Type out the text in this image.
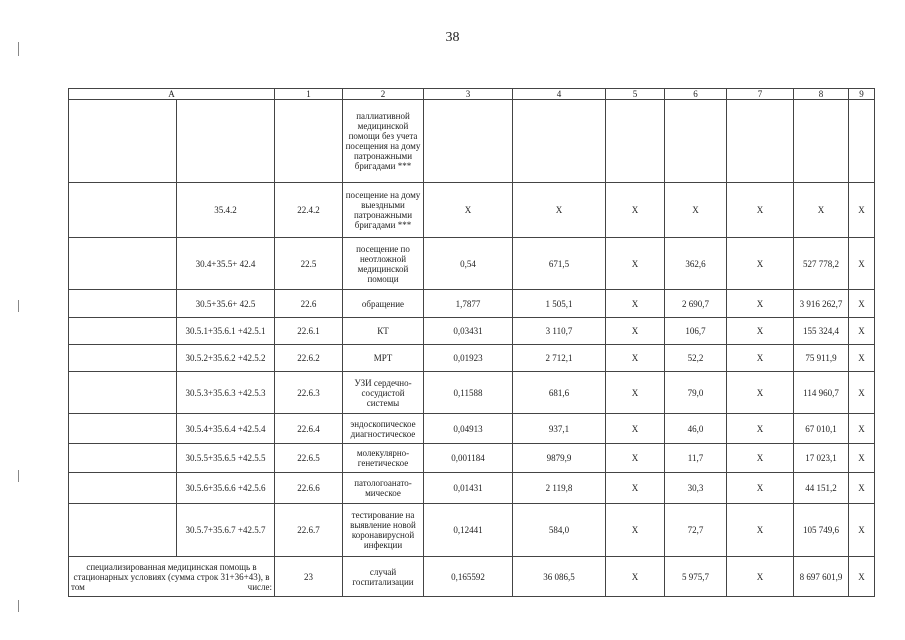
38
А		1	2	3	4	5	6	7	8	9
			паллиативной медицинской помощи без учета посещения на дому патронажными бригадами ***							
	35.4.2	22.4.2	посещение на дому выездными патронажными бригадами ***	X	X	X	X	X	X	X
	30.4+35.5+ 42.4	22.5	посещение по неотложной медицинской помощи	0,54	671,5	X	362,6	X	527 778,2	X
	30.5+35.6+ 42.5	22.6	обращение	1,7877	1 505,1	X	2 690,7	X	3 916 262,7	X
	30.5.1+35.6.1 +42.5.1	22.6.1	КТ	0,03431	3 110,7	X	106,7	X	155 324,4	X
	30.5.2+35.6.2 +42.5.2	22.6.2	МРТ	0,01923	2 712,1	X	52,2	X	75 911,9	X
	30.5.3+35.6.3 +42.5.3	22.6.3	УЗИ сердечно-сосудистой системы	0,11588	681,6	X	79,0	X	114 960,7	X
	30.5.4+35.6.4 +42.5.4	22.6.4	эндоскопическое диагностическое	0,04913	937,1	X	46,0	X	67 010,1	X
	30.5.5+35.6.5 +42.5.5	22.6.5	молекулярно-генетическое	0,001184	9879,9	X	11,7	X	17 023,1	X
	30.5.6+35.6.6 +42.5.6	22.6.6	патологоанато-мическое	0,01431	2 119,8	X	30,3	X	44 151,2	X
	30.5.7+35.6.7 +42.5.7	22.6.7	тестирование на выявление новой коронавирусной инфекции	0,12441	584,0	X	72,7	X	105 749,6	X
специализированная медицинская помощь в стационарных условиях (сумма строк 31+36+43), в том числе:		23	случай госпитализации	0,165592	36 086,5	X	5 975,7	X	8 697 601,9	X
